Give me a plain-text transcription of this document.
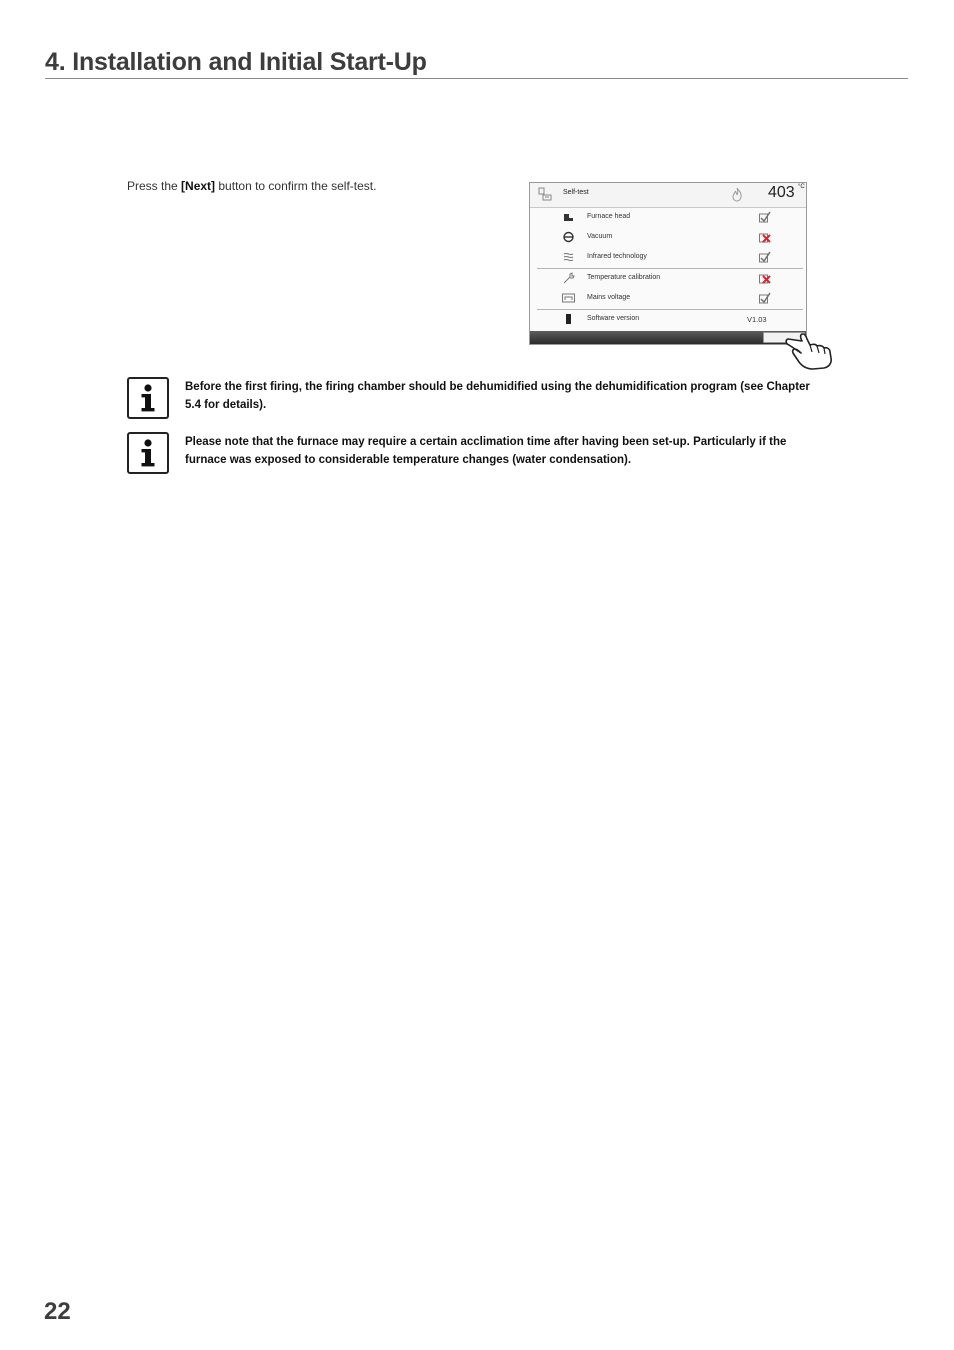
4. Installation and Initial Start-Up
Press the [Next] button to confirm the self-test.	Self-test	403 °C
Furnace head
Vacuum
Infrared technology
Temperature calibration
Mains voltage
Software version	V1.03
Before the first firing, the firing chamber should be dehumidified using the dehumidification program (see Chapter 5.4 for details).
Please note that the furnace may require a certain acclimation time after having been set-up. Particularly if the furnace was exposed to considerable temperature changes (water condensation).
22
